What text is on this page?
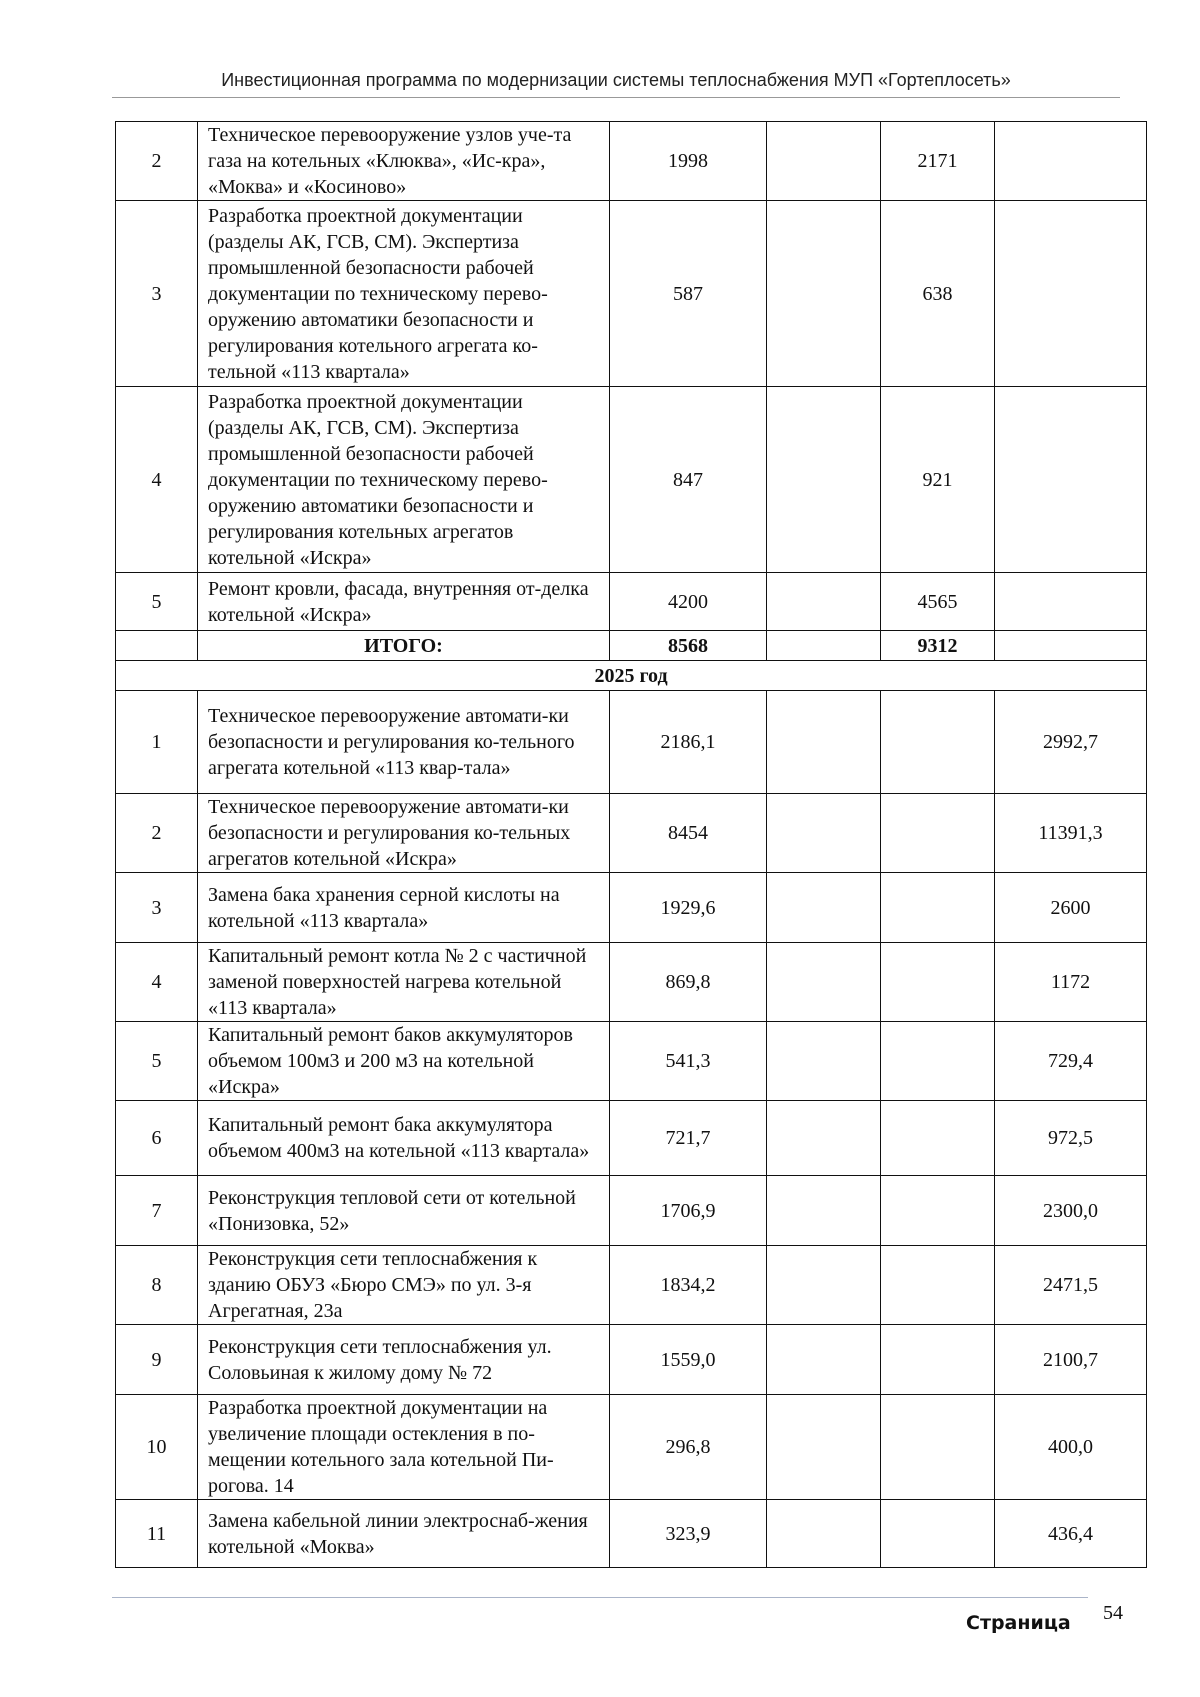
Инвестиционная программа по модернизации системы теплоснабжения МУП «Гортеплосеть»
2	Техническое перевооружение узлов уче-та газа на котельных «Клюква», «Ис-кра», «Моква» и «Косиново»	1998		2171	
3	Разработка проектной документации (разделы АК, ГСВ, СМ). Экспертиза промышленной безопасности рабочей документации по техническому перево-оружению автоматики безопасности и регулирования котельного агрегата ко-тельной «113 квартала»	587		638	
4	Разработка проектной документации (разделы АК, ГСВ, СМ). Экспертиза промышленной безопасности рабочей документации по техническому перево-оружению автоматики безопасности и регулирования котельных агрегатов котельной «Искра»	847		921	
5	Ремонт кровли, фасада, внутренняя от-делка котельной «Искра»	4200		4565	
	ИТОГО:	8568		9312	
2025 год					
1	Техническое перевооружение автомати-ки безопасности и регулирования ко-тельного агрегата котельной «113 квар-тала»	2186,1			2992,7
2	Техническое перевооружение автомати-ки безопасности и регулирования ко-тельных агрегатов котельной «Искра»	8454			11391,3
3	Замена бака хранения серной кислоты на котельной «113 квартала»	1929,6			2600
4	Капитальный ремонт котла № 2 с частичной заменой поверхностей нагрева котельной «113 квартала»	869,8			1172
5	Капитальный ремонт баков аккумуляторов объемом 100м3 и 200 м3 на котельной «Искра»	541,3			729,4
6	Капитальный ремонт бака аккумулятора объемом 400м3 на котельной «113 квартала»	721,7			972,5
7	Реконструкция тепловой сети от котельной «Понизовка, 52»	1706,9			2300,0
8	Реконструкция сети теплоснабжения к зданию ОБУЗ «Бюро СМЭ» по ул. 3-я Агрегатная, 23а	1834,2			2471,5
9	Реконструкция сети теплоснабжения ул. Соловьиная к жилому дому № 72	1559,0			2100,7
10	Разработка проектной документации на увеличение площади остекления в по-мещении котельного зала котельной Пи-рогова. 14	296,8			400,0
11	Замена кабельной линии электроснаб-жения котельной «Моква»	323,9			436,4
Страница 54
